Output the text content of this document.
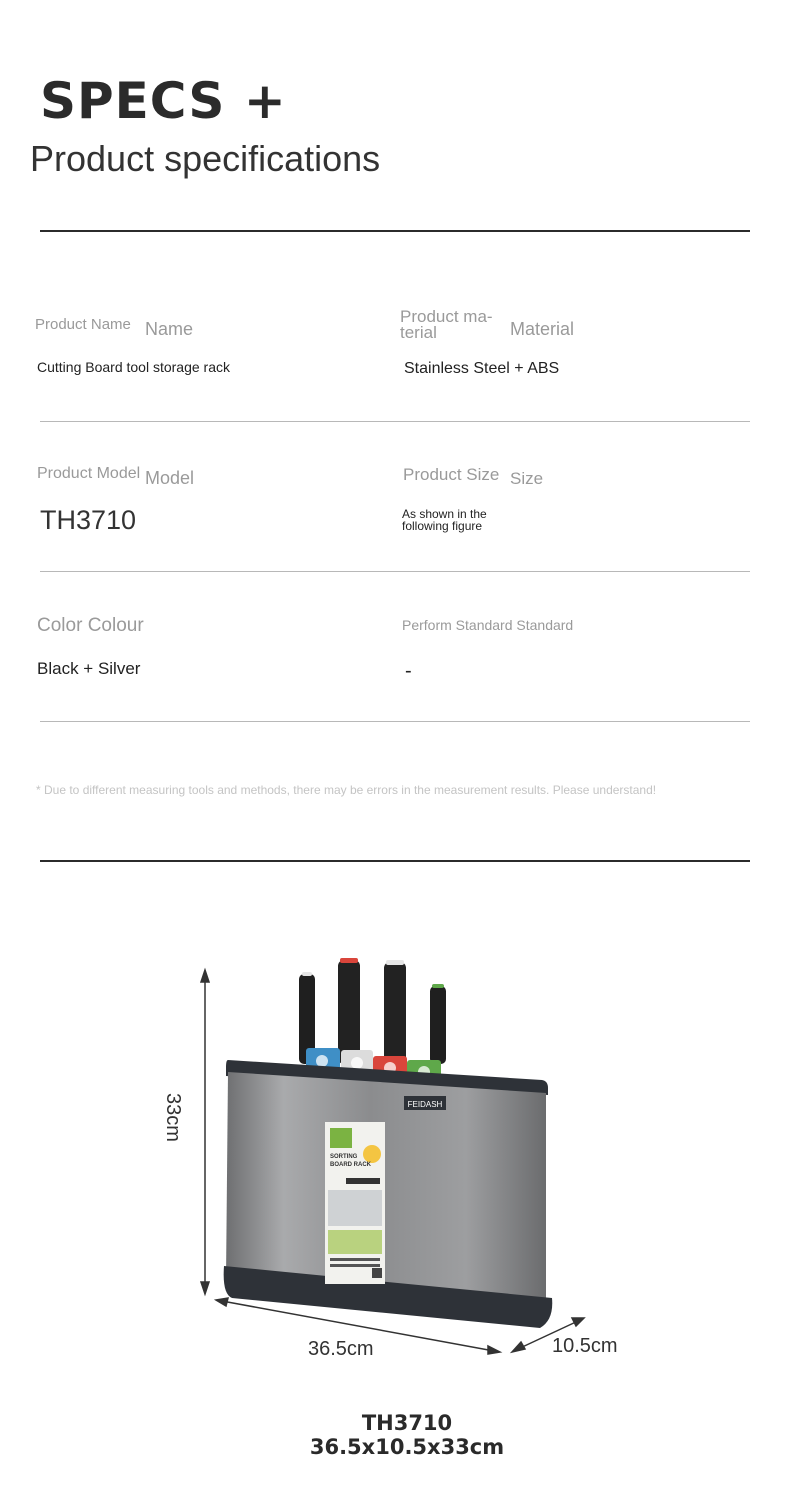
SPECS +
Product specifications
Product Name Name
Cutting Board tool storage rack
Product ma-
terial	Material
Stainless Steel + ABS
Product Model Model
TH3710
Product Size Size
As shown in the
following figure
Color Colour
Black + Silver
Perform Standard Standard
-
* Due to different measuring tools and methods, there may be errors in the measurement results. Please understand!
FEIDASH
SORTING
BOARD RACK
33cm
36.5cm	10.5cm
TH3710
36.5x10.5x33cm
